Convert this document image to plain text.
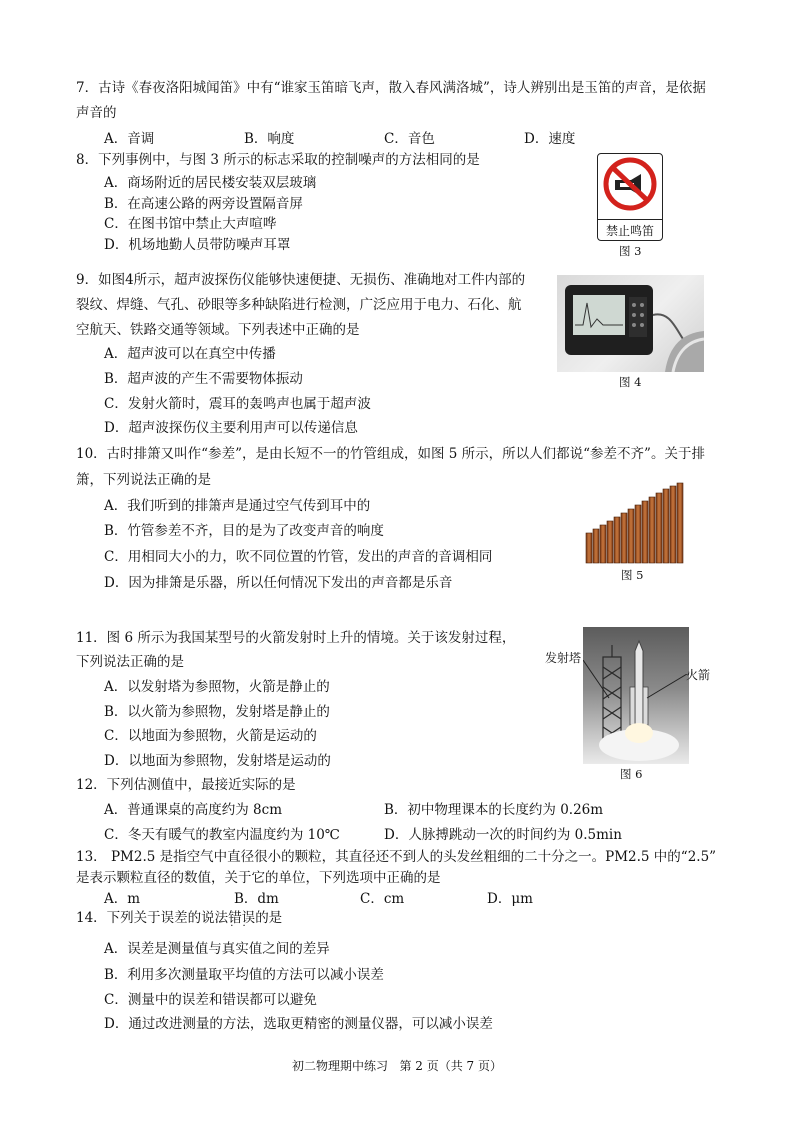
7．古诗《春夜洛阳城闻笛》中有“谁家玉笛暗飞声，散入春风满洛城”，诗人辨别出是玉笛的声音，是依据
声音的
A．音调	B．响度	C．音色	D．速度
8．下列事例中，与图 3 所示的标志采取的控制噪声的方法相同的是
A．商场附近的居民楼安装双层玻璃
B．在高速公路的两旁设置隔音屏
C．在图书馆中禁止大声喧哗
D．机场地勤人员带防噪声耳罩
禁止鸣笛
图 3
9．如图4所示，超声波探伤仪能够快速便捷、无损伤、准确地对工件内部的
裂纹、焊缝、气孔、砂眼等多种缺陷进行检测，广泛应用于电力、石化、航
空航天、铁路交通等领域。下列表述中正确的是
A．超声波可以在真空中传播
B．超声波的产生不需要物体振动
C．发射火箭时，震耳的轰鸣声也属于超声波
D．超声波探伤仪主要利用声可以传递信息
图 4
10．古时排箫又叫作“参差”，是由长短不一的竹管组成，如图 5 所示，所以人们都说“参差不齐”。关于排
箫，下列说法正确的是
A．我们听到的排箫声是通过空气传到耳中的
B．竹管参差不齐，目的是为了改变声音的响度
C．用相同大小的力，吹不同位置的竹管，发出的声音的音调相同
D．因为排箫是乐器，所以任何情况下发出的声音都是乐音	图 5
11．图 6 所示为我国某型号的火箭发射时上升的情境。关于该发射过程，
下列说法正确的是
A．以发射塔为参照物，火箭是静止的
B．以火箭为参照物，发射塔是静止的
C．以地面为参照物，火箭是运动的
D．以地面为参照物，发射塔是运动的
发射塔
火箭
图 6
12．下列估测值中，最接近实际的是
A．普通课桌的高度约为 8cm	B．初中物理课本的长度约为 0.26m
C．冬天有暖气的教室内温度约为 10℃	D．人脉搏跳动一次的时间约为 0.5min
13． PM2.5 是指空气中直径很小的颗粒，其直径还不到人的头发丝粗细的二十分之一。PM2.5 中的“2.5”
是表示颗粒直径的数值，关于它的单位，下列选项中正确的是
A．m	B．dm	C．cm	D．μm
14．下列关于误差的说法错误 · ·的是
A．误差是测量值与真实值之间的差异
B．利用多次测量取平均值的方法可以减小误差
C．测量中的误差和错误都可以避免
D．通过改进测量的方法，选取更精密的测量仪器，可以减小误差
初二物理期中练习   第 2 页（共 7 页）
